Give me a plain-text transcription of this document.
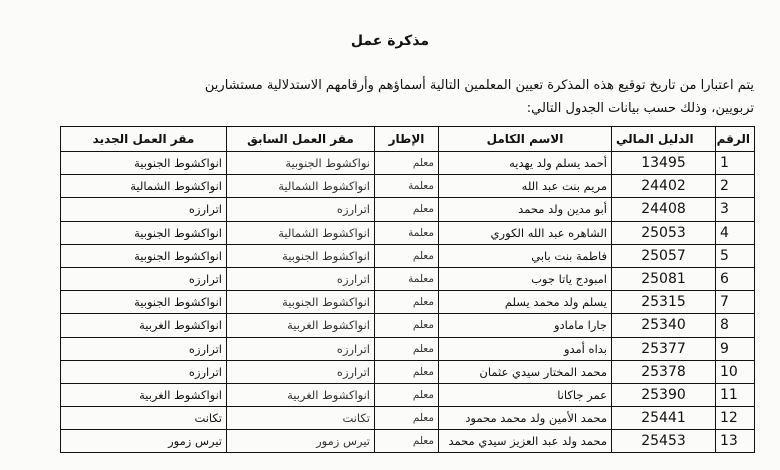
مذكرة عمل
يتم اعتبارا من تاريخ توقيع هذه المذكرة تعيين المعلمين التالية أسماؤهم وأرقامهم الاستدلالية مستشارين
تربويين، وذلك حسب بيانات الجدول التالي:
الرقم	الدليل المالي	الاسم الكامل	الإطار	مقر العمل السابق	مقر العمل الجديد
1	13495	أحمد يسلم ولد يهديه	معلم	نواكشوط الجنوبية	انواكشوط الجنوبية
2	24402	مريم بنت عبد الله	معلمة	انواكشوط الشمالية	انواكشوط الشمالية
3	24408	أبو مدين ولد محمد	معلم	اترارزه	اترارزه
4	25053	الشاهره عبد الله الكوري	معلمة	انواكشوط الشمالية	انواكشوط الجنوبية
5	25057	فاطمة بنت بابي	معلم	انواكشوط الجنوبية	انواكشوط الجنوبية
6	25081	امبودج ياتا جوب	معلمة	اترارزه	اترارزه
7	25315	يسلم ولد محمد يسلم	معلم	انواكشوط الجنوبية	انواكشوط الجنوبية
8	25340	جارا مامادو	معلم	انواكشوط الغربية	انواكشوط الغربية
9	25377	بداه أمدو	معلم	اترارزه	اترارزه
10	25378	محمد المختار سيدي عثمان	معلم	اترارزه	اترارزه
11	25390	عمر جاكانا	معلم	انواكشوط الغربية	انواكشوط الغربية
12	25441	محمد الأمين ولد محمد محمود	معلم	تكانت	تكانت
13	25453	محمد ولد عبد العزيز سيدي محمد	معلم	تيرس زمور	تيرس زمور
